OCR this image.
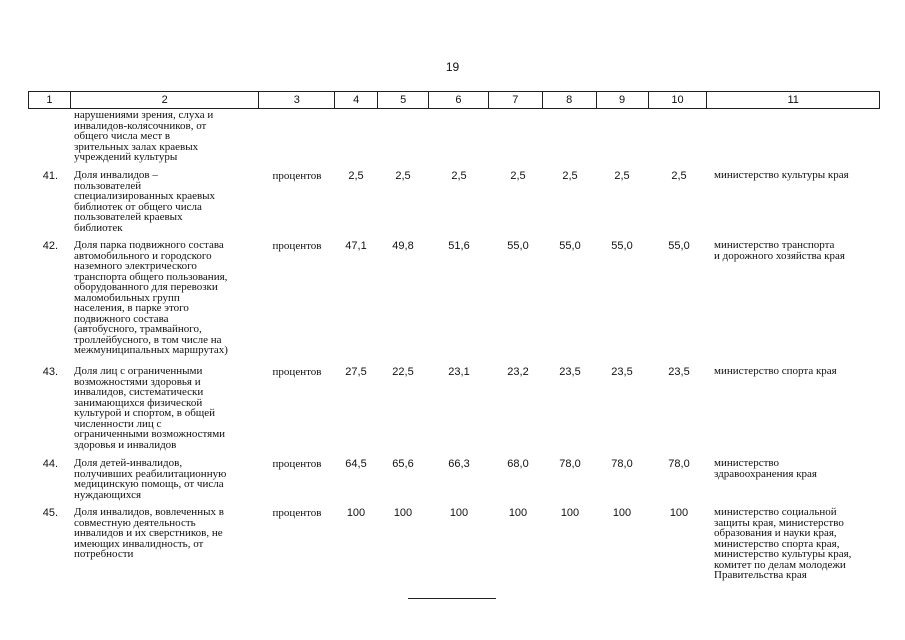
19
1	2	3	4	5	6	7	8	9	10	11
нарушениями зрения, слуха и
инвалидов-колясочников, от
общего числа мест в
зрительных залах краевых
учреждений культуры
41. Доля инвалидов –
пользователей
специализированных краевых
библиотек от общего числа
пользователей краевых
библиотек
процентов	2,5	2,5	2,5	2,5	2,5	2,5	2,5	министерство культуры края
42. Доля парка подвижного состава
автомобильного и городского
наземного электрического
транспорта общего пользования,
оборудованного для перевозки
маломобильных групп
населения, в парке этого
подвижного состава
(автобусного, трамвайного,
троллейбусного, в том числе на
межмуниципальных маршрутах)
процентов	47,1	49,8	51,6	55,0	55,0	55,0	55,0	министерство транспорта
и дорожного хозяйства края
43. Доля лиц с ограниченными
возможностями здоровья и
инвалидов, систематически
занимающихся физической
культурой и спортом, в общей
численности лиц с
ограниченными возможностями
здоровья и инвалидов
процентов	27,5	22,5	23,1	23,2	23,5	23,5	23,5	министерство спорта края
44. Доля детей-инвалидов,
получивших реабилитационную
медицинскую помощь, от числа
нуждающихся
процентов	64,5	65,6	66,3	68,0	78,0	78,0	78,0	министерство
здравоохранения края
45. Доля инвалидов, вовлеченных в
совместную деятельность
инвалидов и их сверстников, не
имеющих инвалидность, от
потребности
процентов	100	100	100	100	100	100	100	министерство социальной
защиты края, министерство
образования и науки края,
министерство спорта края,
министерство культуры края,
комитет по делам молодежи
Правительства края
